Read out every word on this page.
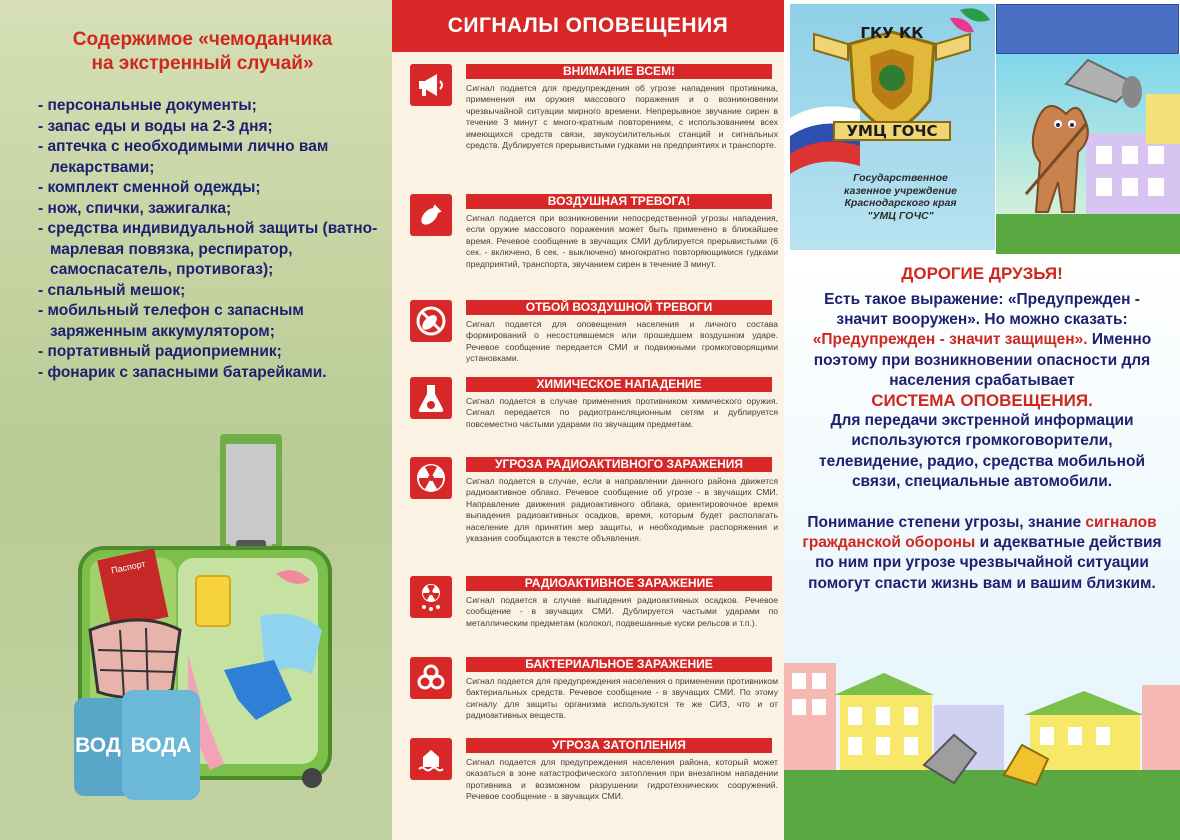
Содержимое «чемоданчика
на экстренный случай»
- персональные документы;
- запас еды и воды на 2-3 дня;
- аптечка с необходимыми лично вам лекарствами;
- комплект сменной одежды;
- нож, спички, зажигалка;
- средства индивидуальной защиты (ватно-марлевая повязка, респиратор, самоспасатель, противогаз);
- спальный мешок;
- мобильный телефон с запасным заряженным аккумулятором;
- портативный радиоприемник;
- фонарик с запасными батарейками.
Паспорт
ВОД ВОДА
СИГНАЛЫ ОПОВЕЩЕНИЯ
ВНИМАНИЕ ВСЕМ!
Сигнал подается для предупреждения об угрозе нападения противника, применения им оружия массового поражения и о возникновении чрезвычайной ситуации мирного времени. Непрерывное звучание сирен в течение 3 минут с много-кратным повторением, с использованием всех имеющихся средств связи, звукоусилительных станций и сигнальных средств. Дублируется прерывистыми гудками на предприятиях и транспорте.
ВОЗДУШНАЯ ТРЕВОГА!
Сигнал подается при возникновении непосредственной угрозы нападения, если оружие массового поражения может быть применено в ближайшее время. Речевое сообщение в звучащих СМИ дублируется прерывистыми (6 сек. - включено, 6 сек. - выключено) многократно повторяющимися гудками предприятий, транспорта, звучанием сирен в течение 3 минут.
ОТБОЙ ВОЗДУШНОЙ ТРЕВОГИ
Сигнал подается для оповещения населения и личного состава формирований о несостоявшемся или прошедшем воздушном ударе. Речевое сообщение передается СМИ и подвижными громкоговорящими установками.
ХИМИЧЕСКОЕ НАПАДЕНИЕ
Сигнал подается в случае применения противником химического оружия. Сигнал передается по радиотрансляционным сетям и дублируется повсеместно частыми ударами по звучащим предметам.
УГРОЗА РАДИОАКТИВНОГО ЗАРАЖЕНИЯ
Сигнал подается в случае, если в направлении данного района движется радиоактивное облако. Речевое сообщение об угрозе - в звучащих СМИ. Направление движения радиоактивного облака, ориентировочное время выпадения радиоактивных осадков, время, которым будет располагать население для принятия мер защиты, и необходимые распоряжения и указания сообщаются в тексте объявления.
РАДИОАКТИВНОЕ ЗАРАЖЕНИЕ
Сигнал подается в случае выпадения радиоактивных осадков. Речевое сообщение - в звучащих СМИ. Дублируется частыми ударами по металлическим предметам (колокол, подвешанные куски рельсов и т.п.).
БАКТЕРИАЛЬНОЕ ЗАРАЖЕНИЕ
Сигнал подается для предупреждения населения о применении противником бактериальных средств. Речевое сообщение - в звучащих СМИ. По этому сигналу для защиты организма используются те же СИЗ, что и от радиоактивных веществ.
УГРОЗА ЗАТОПЛЕНИЯ
Сигнал подается для предупреждения населения района, который может оказаться в зоне катастрофического затопления при внезапном нападении противника и возможном разрушении гидротехнических сооружений. Речевое сообщение - в звучащих СМИ.
ГКУ КК
УМЦ ГОЧС
Государственное
казенное учреждение
Краснодарского края
"УМЦ ГОЧС"
ДОРОГИЕ ДРУЗЬЯ!

Есть такое выражение: «Предупрежден - значит вооружен». Но можно сказать: «Предупрежден - значит защищен». Именно поэтому при возникновении опасности для населения срабатывает

СИСТЕМА ОПОВЕЩЕНИЯ.

Для передачи экстренной информации используются громкоговорители, телевидение, радио, средства мобильной связи, специальные автомобили.

Понимание степени угрозы, знание сигналов гражданской обороны и адекватные действия по ним при угрозе чрезвычайной ситуации помогут спасти жизнь вам и вашим близким.
